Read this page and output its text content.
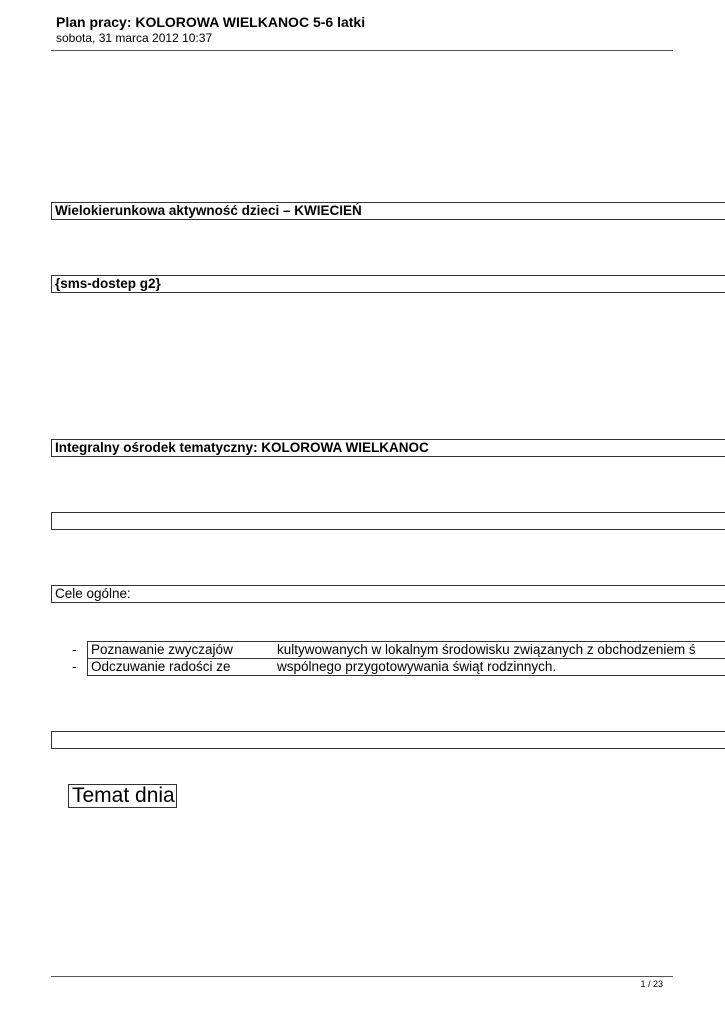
Plan pracy: KOLOROWA WIELKANOC 5-6 latki

sobota, 31 marca 2012 10:37

Wielokierunkowa aktywność dzieci – KWIECIEŃ
{sms-dostep g2}
Integralny ośrodek tematyczny: KOLOROWA WIELKANOC
Cele ogólne:
- Poznawanie zwyczajów	kultywowanych w lokalnym środowisku związanych z obchodzeniem ś
- Odczuwanie radości ze	wspólnego przygotowywania świąt rodzinnych.
Temat dnia
1 / 23
